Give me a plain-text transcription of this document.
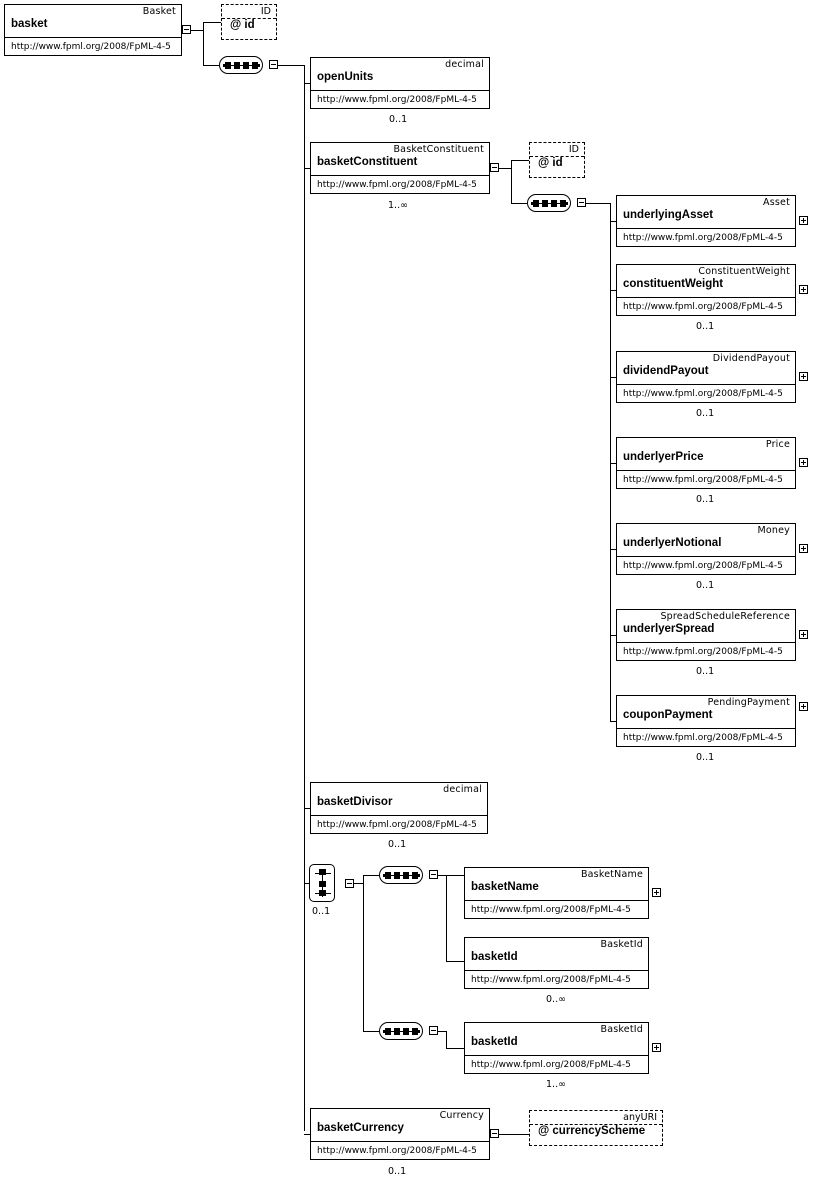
Basket
basket
http://www.fpml.org/2008/FpML-4-5
ID
@ id
decimal
openUnits
http://www.fpml.org/2008/FpML-4-5
0..1
BasketConstituent
basketConstituent
http://www.fpml.org/2008/FpML-4-5
1..∞
ID
@ id
Asset
underlyingAsset
http://www.fpml.org/2008/FpML-4-5
ConstituentWeight
constituentWeight
http://www.fpml.org/2008/FpML-4-5
0..1
DividendPayout
dividendPayout
http://www.fpml.org/2008/FpML-4-5
0..1
Price
underlyerPrice
http://www.fpml.org/2008/FpML-4-5
0..1
Money
underlyerNotional
http://www.fpml.org/2008/FpML-4-5
0..1
SpreadScheduleReference
underlyerSpread
http://www.fpml.org/2008/FpML-4-5
0..1
PendingPayment
couponPayment
http://www.fpml.org/2008/FpML-4-5
0..1
decimal
basketDivisor
http://www.fpml.org/2008/FpML-4-5
0..1
0..1
BasketName
basketName
http://www.fpml.org/2008/FpML-4-5
BasketId
basketId
http://www.fpml.org/2008/FpML-4-5
0..∞
BasketId
basketId
http://www.fpml.org/2008/FpML-4-5
1..∞
Currency
basketCurrency
http://www.fpml.org/2008/FpML-4-5
0..1
anyURI
@ currencyScheme
